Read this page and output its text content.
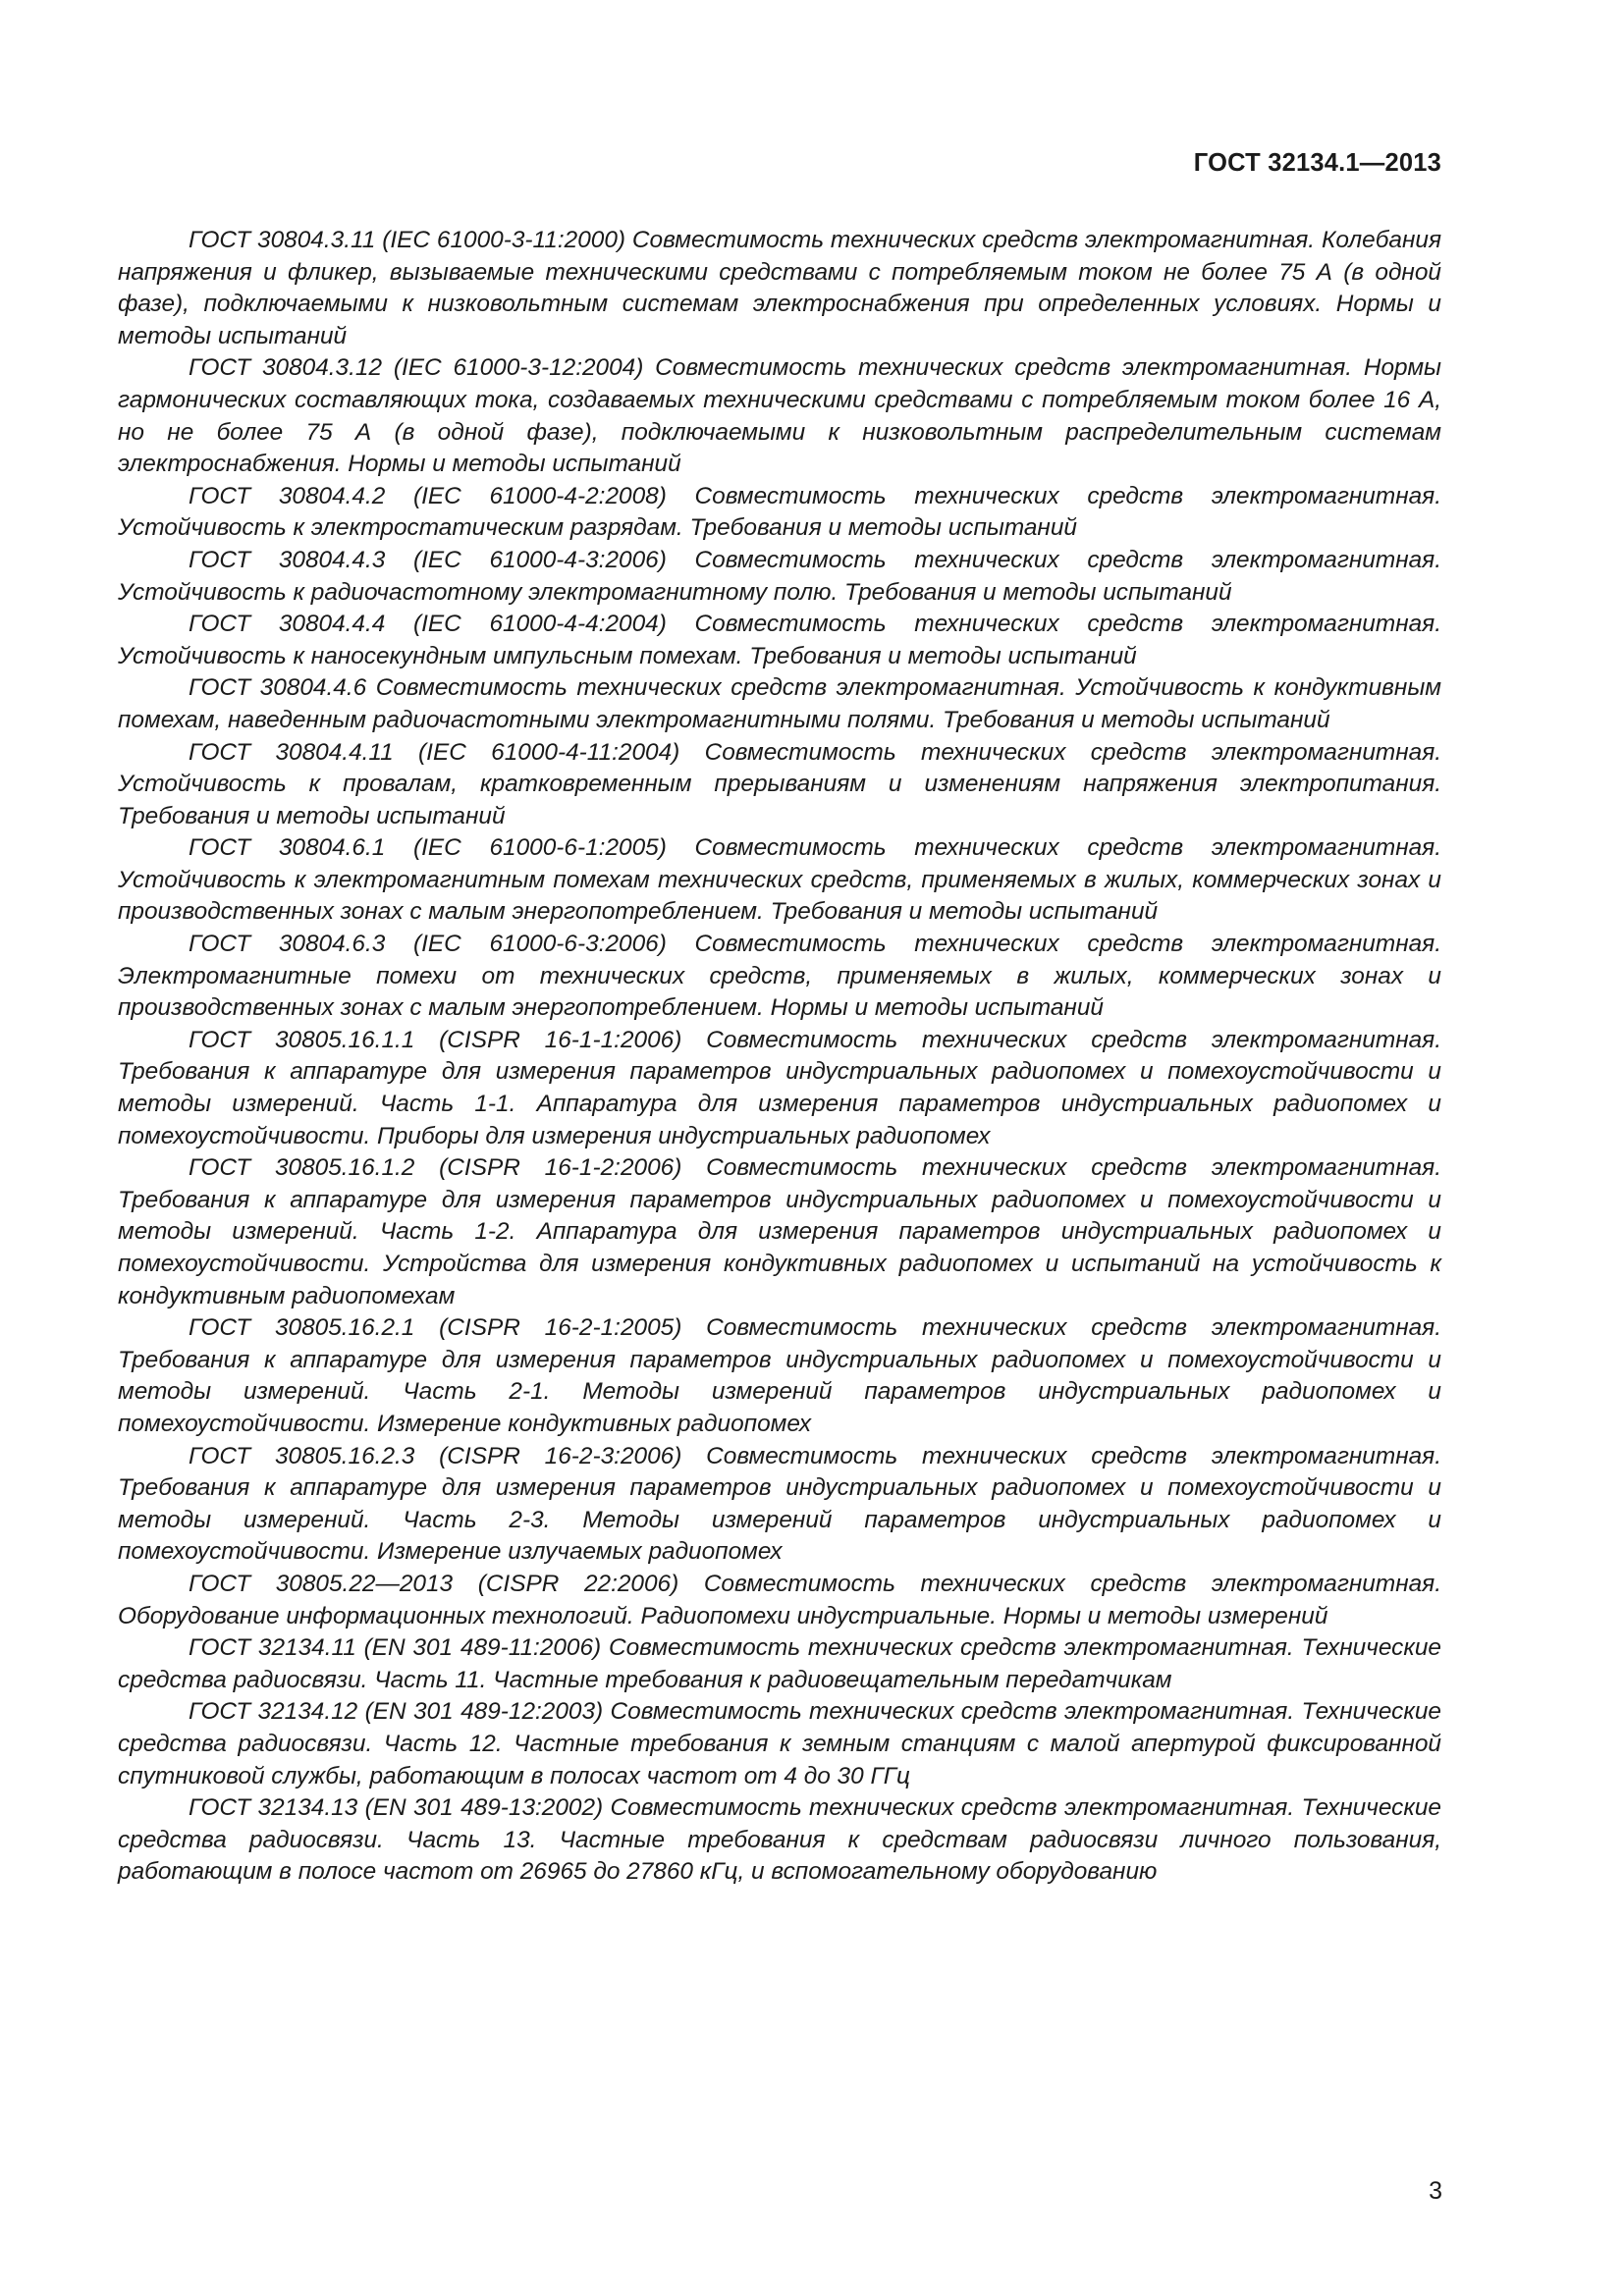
ГОСТ 32134.1—2013

ГОСТ 30804.3.11 (IEC 61000-3-11:2000) Совместимость технических средств электромагнитная. Колебания напряжения и фликер, вызываемые техническими средствами с потребляемым током не более 75 А (в одной фазе), подключаемыми к низковольтным системам электроснабжения при определенных условиях. Нормы и методы испытаний

ГОСТ 30804.3.12 (IEC 61000-3-12:2004) Совместимость технических средств электромагнитная. Нормы гармонических составляющих тока, создаваемых техническими средствами с потребляемым током более 16 А, но не более 75 А (в одной фазе), подключаемыми к низковольтным распределительным системам электроснабжения. Нормы и методы испытаний

ГОСТ 30804.4.2 (IEC 61000-4-2:2008) Совместимость технических средств электромагнитная. Устойчивость к электростатическим разрядам. Требования и методы испытаний

ГОСТ 30804.4.3 (IEC 61000-4-3:2006) Совместимость технических средств электромагнитная. Устойчивость к радиочастотному электромагнитному полю. Требования и методы испытаний

ГОСТ 30804.4.4 (IEC 61000-4-4:2004) Совместимость технических средств электромагнитная. Устойчивость к наносекундным импульсным помехам. Требования и методы испытаний

ГОСТ 30804.4.6 Совместимость технических средств электромагнитная. Устойчивость к кондуктивным помехам, наведенным радиочастотными электромагнитными полями. Требования и методы испытаний

ГОСТ 30804.4.11 (IEC 61000-4-11:2004) Совместимость технических средств электромагнитная. Устойчивость к провалам, кратковременным прерываниям и изменениям напряжения электропитания. Требования и методы испытаний

ГОСТ 30804.6.1 (IEC 61000-6-1:2005) Совместимость технических средств электромагнитная. Устойчивость к электромагнитным помехам технических средств, применяемых в жилых, коммерческих зонах и производственных зонах с малым энергопотреблением. Требования и методы испытаний

ГОСТ 30804.6.3 (IEC 61000-6-3:2006) Совместимость технических средств электромагнитная. Электромагнитные помехи от технических средств, применяемых в жилых, коммерческих зонах и производственных зонах с малым энергопотреблением. Нормы и методы испытаний

ГОСТ 30805.16.1.1 (CISPR 16-1-1:2006) Совместимость технических средств электромагнитная. Требования к аппаратуре для измерения параметров индустриальных радиопомех и помехоустойчивости и методы измерений. Часть 1-1. Аппаратура для измерения параметров индустриальных радиопомех и помехоустойчивости. Приборы для измерения индустриальных радиопомех

ГОСТ 30805.16.1.2 (CISPR 16-1-2:2006) Совместимость технических средств электромагнитная. Требования к аппаратуре для измерения параметров индустриальных радиопомех и помехоустойчивости и методы измерений. Часть 1-2. Аппаратура для измерения параметров индустриальных радиопомех и помехоустойчивости. Устройства для измерения кондуктивных радиопомех и испытаний на устойчивость к кондуктивным радиопомехам

ГОСТ 30805.16.2.1 (CISPR 16-2-1:2005) Совместимость технических средств электромагнитная. Требования к аппаратуре для измерения параметров индустриальных радиопомех и помехоустойчивости и методы измерений. Часть 2-1. Методы измерений параметров индустриальных радиопомех и помехоустойчивости. Измерение кондуктивных радиопомех

ГОСТ 30805.16.2.3 (CISPR 16-2-3:2006) Совместимость технических средств электромагнитная. Требования к аппаратуре для измерения параметров индустриальных радиопомех и помехоустойчивости и методы измерений. Часть 2-3. Методы измерений параметров индустриальных радиопомех и помехоустойчивости. Измерение излучаемых радиопомех

ГОСТ 30805.22—2013 (CISPR 22:2006) Совместимость технических средств электромагнитная. Оборудование информационных технологий. Радиопомехи индустриальные. Нормы и методы измерений

ГОСТ 32134.11 (EN 301 489-11:2006) Совместимость технических средств электромагнитная. Технические средства радиосвязи. Часть 11. Частные требования к радиовещательным передатчикам

ГОСТ 32134.12 (EN 301 489-12:2003) Совместимость технических средств электромагнитная. Технические средства радиосвязи. Часть 12. Частные требования к земным станциям с малой апертурой фиксированной спутниковой службы, работающим в полосах частот от 4 до 30 ГГц

ГОСТ 32134.13 (EN 301 489-13:2002) Совместимость технических средств электромагнитная. Технические средства радиосвязи. Часть 13. Частные требования к средствам радиосвязи личного пользования, работающим в полосе частот от 26965 до 27860 кГц, и вспомогательному оборудованию

3
